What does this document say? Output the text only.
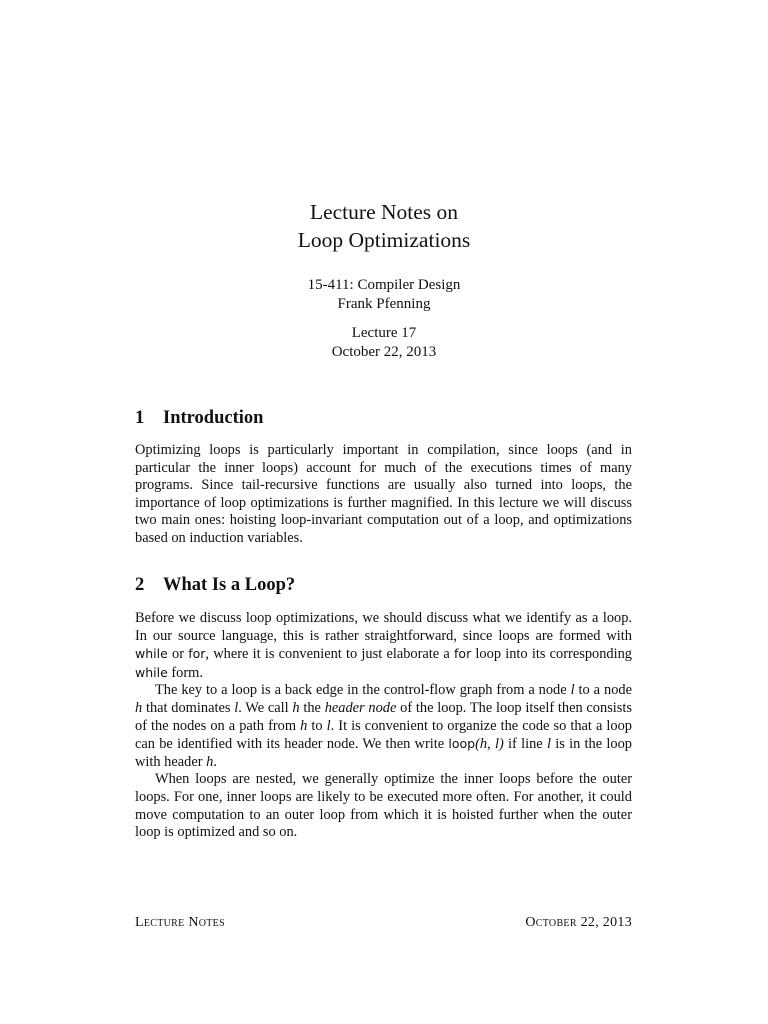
Lecture Notes on
Loop Optimizations
15-411: Compiler Design
Frank Pfenning
Lecture 17
October 22, 2013
1 Introduction

Optimizing loops is particularly important in compilation, since loops (and in particular the inner loops) account for much of the executions times of many programs. Since tail-recursive functions are usually also turned into loops, the importance of loop optimizations is further magnified. In this lecture we will discuss two main ones: hoisting loop-invariant computation out of a loop, and optimizations based on induction variables.

2 What Is a Loop?

Before we discuss loop optimizations, we should discuss what we identify as a loop. In our source language, this is rather straightforward, since loops are formed with while or for, where it is convenient to just elaborate a for loop into its corresponding while form.

The key to a loop is a back edge in the control-flow graph from a node l to a node h that dominates l. We call h the header node of the loop. The loop itself then consists of the nodes on a path from h to l. It is convenient to organize the code so that a loop can be identified with its header node. We then write loop(h, l) if line l is in the loop with header h.

When loops are nested, we generally optimize the inner loops before the outer loops. For one, inner loops are likely to be executed more often. For another, it could move computation to an outer loop from which it is hoisted further when the outer loop is optimized and so on.

Lecture Notes	October 22, 2013
